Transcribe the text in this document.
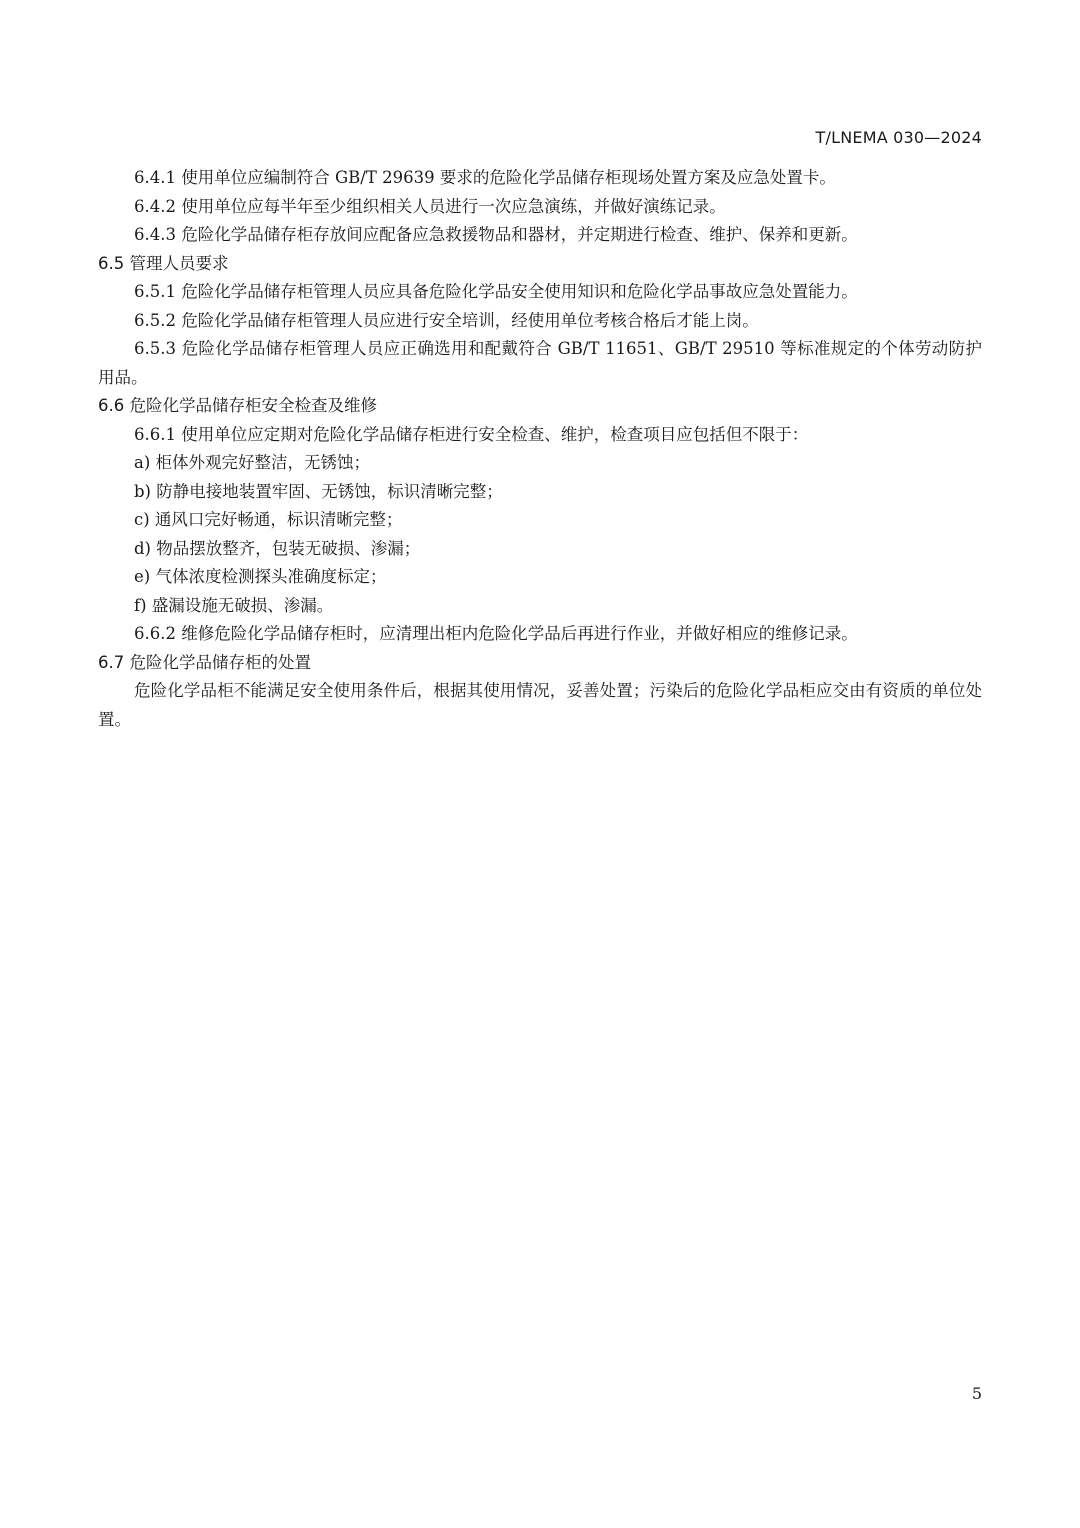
T/LNEMA 030—2024

6.4.1 使用单位应编制符合 GB/T 29639 要求的危险化学品储存柜现场处置方案及应急处置卡。

6.4.2 使用单位应每半年至少组织相关人员进行一次应急演练，并做好演练记录。

6.4.3 危险化学品储存柜存放间应配备应急救援物品和器材，并定期进行检查、维护、保养和更新。

6.5 管理人员要求

6.5.1 危险化学品储存柜管理人员应具备危险化学品安全使用知识和危险化学品事故应急处置能力。

6.5.2 危险化学品储存柜管理人员应进行安全培训，经使用单位考核合格后才能上岗。

6.5.3 危险化学品储存柜管理人员应正确选用和配戴符合 GB/T 11651、GB/T 29510 等标准规定的个体劳动防护用品。

6.6 危险化学品储存柜安全检查及维修

6.6.1 使用单位应定期对危险化学品储存柜进行安全检查、维护，检查项目应包括但不限于：

a) 柜体外观完好整洁，无锈蚀；

b) 防静电接地装置牢固、无锈蚀，标识清晰完整；

c) 通风口完好畅通，标识清晰完整；

d) 物品摆放整齐，包装无破损、渗漏；

e) 气体浓度检测探头准确度标定；

f) 盛漏设施无破损、渗漏。

6.6.2 维修危险化学品储存柜时，应清理出柜内危险化学品后再进行作业，并做好相应的维修记录。

6.7 危险化学品储存柜的处置

危险化学品柜不能满足安全使用条件后，根据其使用情况，妥善处置；污染后的危险化学品柜应交由有资质的单位处置。

5
